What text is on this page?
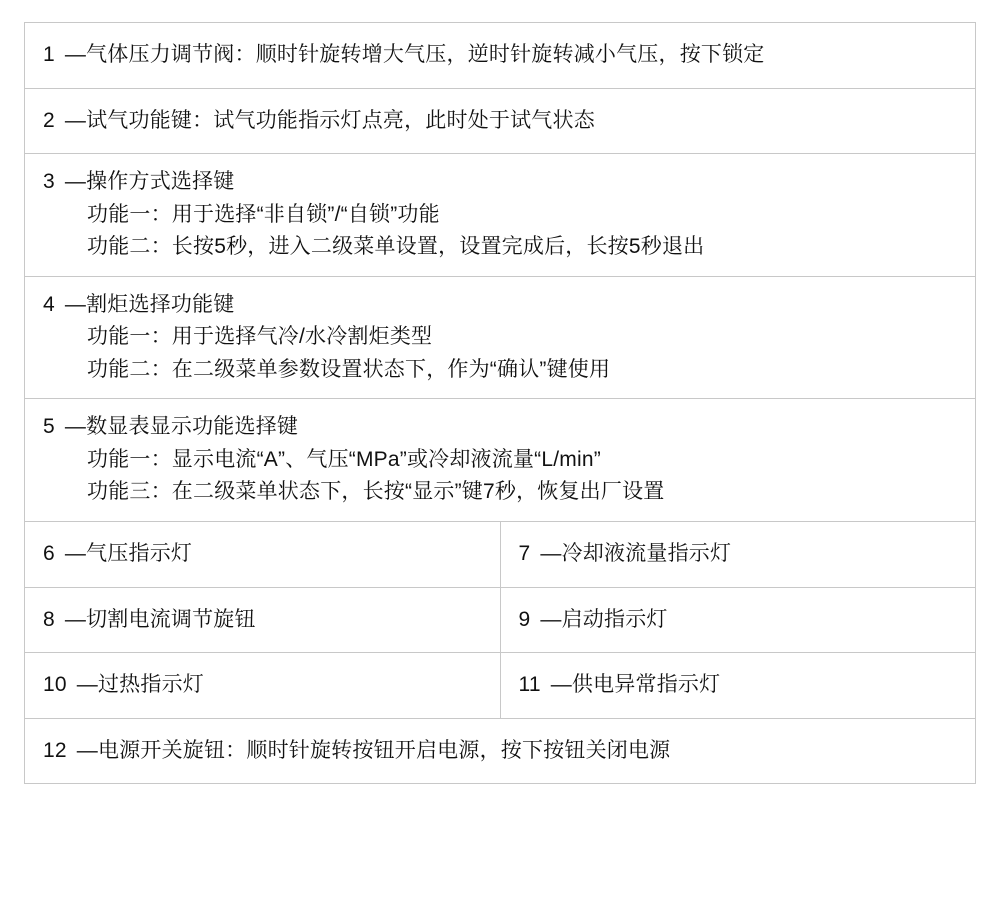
1 —气体压力调节阀：顺时针旋转增大气压，逆时针旋转减小气压，按下锁定	

2 —试气功能键：试气功能指示灯点亮，此时处于试气状态	

3 —操作方式选择键
功能一：用于选择“非自锁”/“自锁”功能
功能二：长按5秒，进入二级菜单设置，设置完成后，长按5秒退出	

4 —割炬选择功能键
功能一：用于选择气冷/水冷割炬类型
功能二：在二级菜单参数设置状态下，作为“确认”键使用	

5 —数显表显示功能选择键
功能一：显示电流“A”、气压“MPa”或冷却液流量“L/min”
功能三：在二级菜单状态下，长按“显示”键7秒，恢复出厂设置	

6 —气压指示灯	7 —冷却液流量指示灯

8 —切割电流调节旋钮	9 —启动指示灯

10 —过热指示灯	11 —供电异常指示灯

12 —电源开关旋钮：顺时针旋转按钮开启电源，按下按钮关闭电源	
